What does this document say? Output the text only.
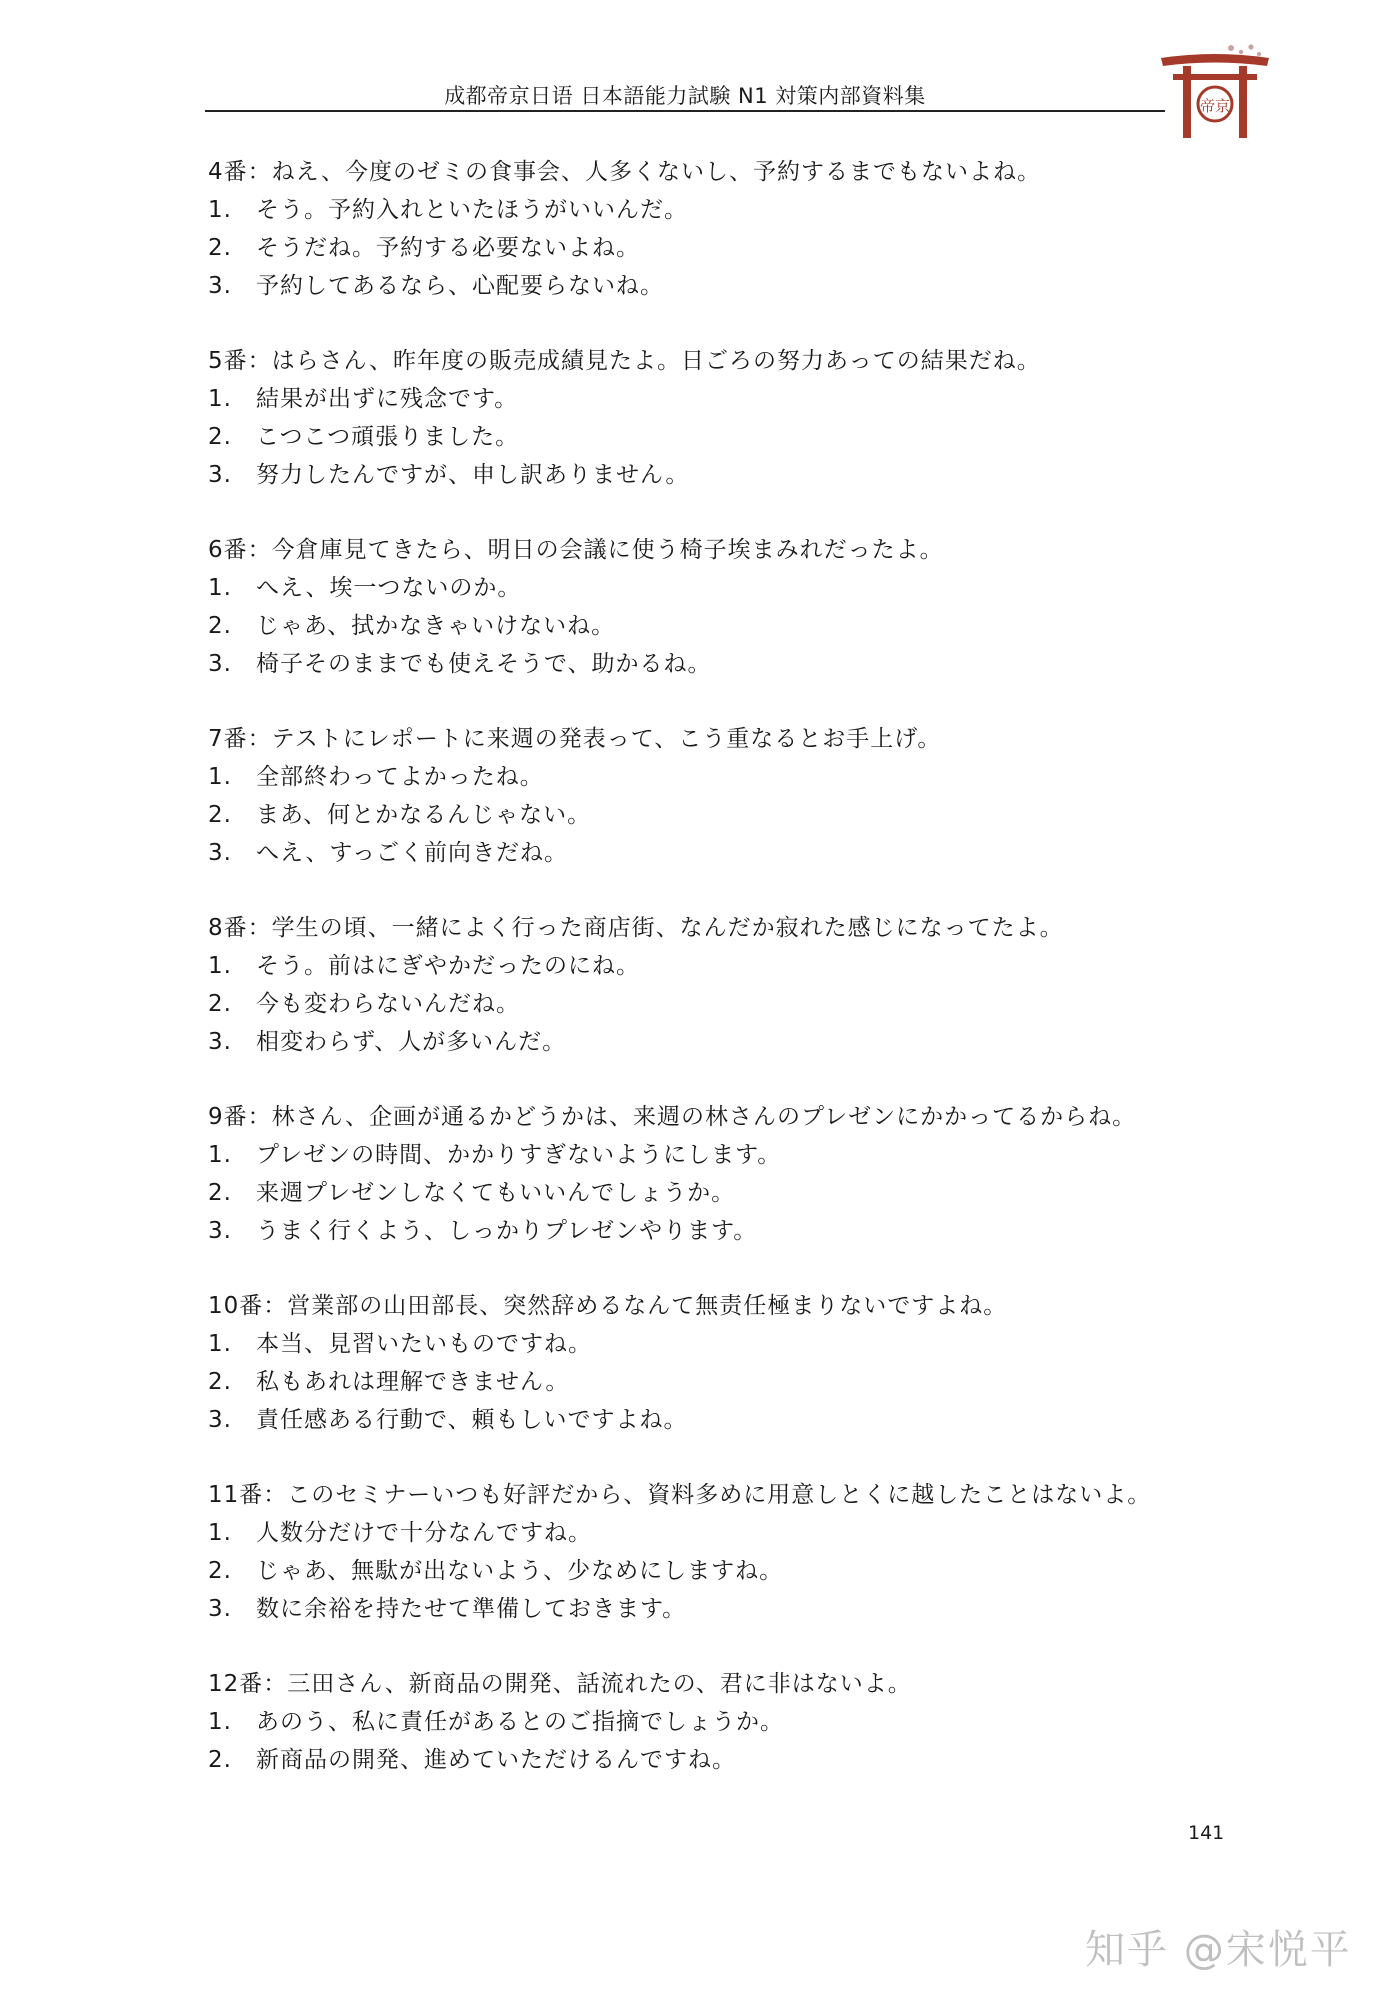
成都帝京日语 日本語能力試験 N1 対策内部資料集	帝京
4番：ねえ、今度のゼミの食事会、人多くないし、予約するまでもないよね。
1. そう。予約入れといたほうがいいんだ。
2. そうだね。予約する必要ないよね。
3. 予約してあるなら、心配要らないね。
5番：はらさん、昨年度の販売成績見たよ。日ごろの努力あっての結果だね。
1. 結果が出ずに残念です。
2. こつこつ頑張りました。
3. 努力したんですが、申し訳ありません。
6番：今倉庫見てきたら、明日の会議に使う椅子埃まみれだったよ。
1. へえ、埃一つないのか。
2. じゃあ、拭かなきゃいけないね。
3. 椅子そのままでも使えそうで、助かるね。
7番：テストにレポートに来週の発表って、こう重なるとお手上げ。
1. 全部終わってよかったね。
2. まあ、何とかなるんじゃない。
3. へえ、すっごく前向きだね。
8番：学生の頃、一緒によく行った商店街、なんだか寂れた感じになってたよ。
1. そう。前はにぎやかだったのにね。
2. 今も変わらないんだね。
3. 相変わらず、人が多いんだ。
9番：林さん、企画が通るかどうかは、来週の林さんのプレゼンにかかってるからね。
1. プレゼンの時間、かかりすぎないようにします。
2. 来週プレゼンしなくてもいいんでしょうか。
3. うまく行くよう、しっかりプレゼンやります。
10番：営業部の山田部長、突然辞めるなんて無责任極まりないですよね。
1. 本当、見習いたいものですね。
2. 私もあれは理解できません。
3. 責任感ある行動で、頼もしいですよね。
11番：このセミナーいつも好評だから、資料多めに用意しとくに越したことはないよ。
1. 人数分だけで十分なんですね。
2. じゃあ、無駄が出ないよう、少なめにしますね。
3. 数に余裕を持たせて準備しておきます。
12番：三田さん、新商品の開発、話流れたの、君に非はないよ。
1. あのう、私に責任があるとのご指摘でしょうか。
2. 新商品の開発、進めていただけるんですね。
141
知乎 @宋悦平
